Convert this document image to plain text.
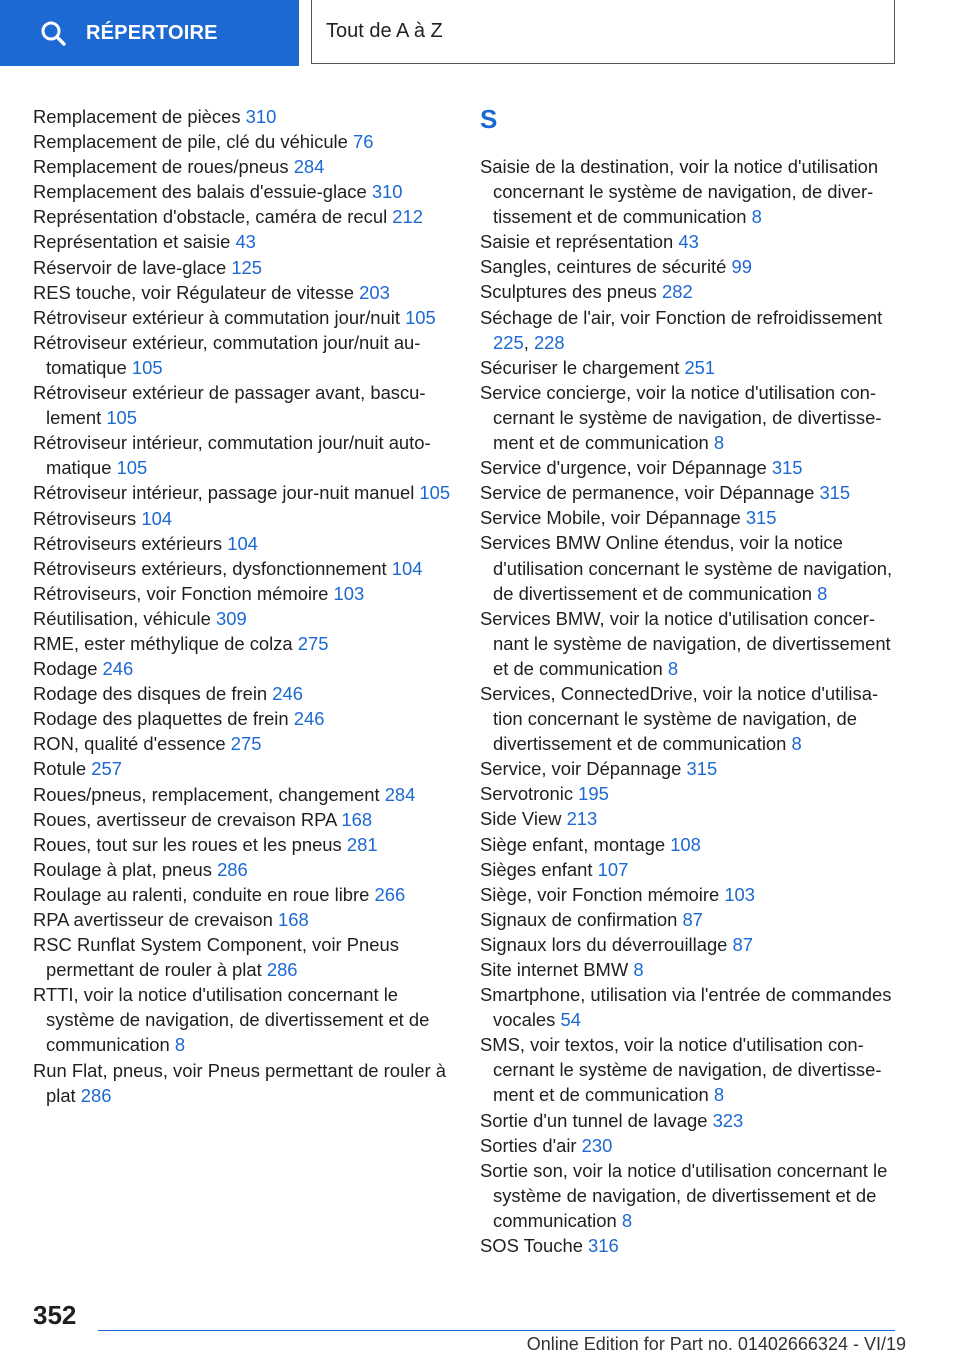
RÉPERTOIRE	Tout de A à Z
Remplacement de pièces 310
Remplacement de pile, clé du véhicule 76
Remplacement de roues/pneus 284
Remplacement des balais d'essuie-glace 310
Représentation d'obstacle, caméra de recul 212
Représentation et saisie 43
Réservoir de lave-glace 125
RES touche, voir Régulateur de vitesse 203
Rétroviseur extérieur à commutation jour/nuit 105
Rétroviseur extérieur, commutation jour/nuit automatique 105
Rétroviseur extérieur de passager avant, basculement 105
Rétroviseur intérieur, commutation jour/nuit automatique 105
Rétroviseur intérieur, passage jour-nuit manuel 105
Rétroviseurs 104
Rétroviseurs extérieurs 104
Rétroviseurs extérieurs, dysfonctionnement 104
Rétroviseurs, voir Fonction mémoire 103
Réutilisation, véhicule 309
RME, ester méthylique de colza 275
Rodage 246
Rodage des disques de frein 246
Rodage des plaquettes de frein 246
RON, qualité d'essence 275
Rotule 257
Roues/pneus, remplacement, changement 284
Roues, avertisseur de crevaison RPA 168
Roues, tout sur les roues et les pneus 281
Roulage à plat, pneus 286
Roulage au ralenti, conduite en roue libre 266
RPA avertisseur de crevaison 168
RSC Runflat System Component, voir Pneus permettant de rouler à plat 286
RTTI, voir la notice d'utilisation concernant le système de navigation, de divertissement et de communication 8
Run Flat, pneus, voir Pneus permettant de rouler à plat 286
S
Saisie de la destination, voir la notice d'utilisation concernant le système de navigation, de divertissement et de communication 8
Saisie et représentation 43
Sangles, ceintures de sécurité 99
Sculptures des pneus 282
Séchage de l'air, voir Fonction de refroidissement 225, 228
Sécuriser le chargement 251
Service concierge, voir la notice d'utilisation concernant le système de navigation, de divertissement et de communication 8
Service d'urgence, voir Dépannage 315
Service de permanence, voir Dépannage 315
Service Mobile, voir Dépannage 315
Services BMW Online étendus, voir la notice d'utilisation concernant le système de navigation, de divertissement et de communication 8
Services BMW, voir la notice d'utilisation concernant le système de navigation, de divertissement et de communication 8
Services, ConnectedDrive, voir la notice d'utilisation concernant le système de navigation, de divertissement et de communication 8
Service, voir Dépannage 315
Servotronic 195
Side View 213
Siège enfant, montage 108
Sièges enfant 107
Siège, voir Fonction mémoire 103
Signaux de confirmation 87
Signaux lors du déverrouillage 87
Site internet BMW 8
Smartphone, utilisation via l'entrée de commandes vocales 54
SMS, voir textos, voir la notice d'utilisation concernant le système de navigation, de divertissement et de communication 8
Sortie d'un tunnel de lavage 323
Sorties d'air 230
Sortie son, voir la notice d'utilisation concernant le système de navigation, de divertissement et de communication 8
SOS Touche 316
352
Online Edition for Part no. 01402666324 - VI/19
